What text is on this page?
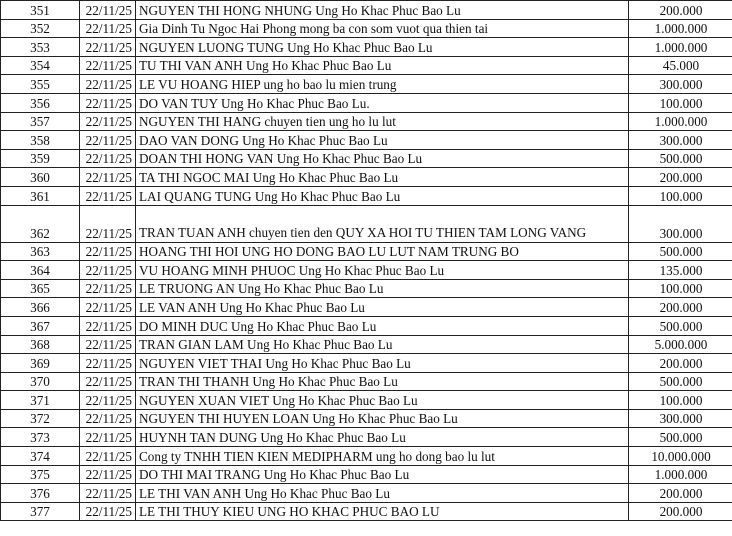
351	22/11/25	NGUYEN THI HONG NHUNG Ung Ho Khac Phuc Bao Lu	200.000
352	22/11/25	Gia Dinh Tu Ngoc Hai Phong mong ba con som vuot qua thien tai	1.000.000
353	22/11/25	NGUYEN LUONG TUNG Ung Ho Khac Phuc Bao Lu	1.000.000
354	22/11/25	TU THI VAN ANH Ung Ho Khac Phuc Bao Lu	45.000
355	22/11/25	LE VU HOANG HIEP ung ho bao lu mien trung	300.000
356	22/11/25	DO VAN TUY Ung Ho Khac Phuc Bao Lu.	100.000
357	22/11/25	NGUYEN THI HANG chuyen tien ung ho lu lut	1.000.000
358	22/11/25	DAO VAN DONG Ung Ho Khac Phuc Bao Lu	300.000
359	22/11/25	DOAN THI HONG VAN Ung Ho Khac Phuc Bao Lu	500.000
360	22/11/25	TA THI NGOC MAI Ung Ho Khac Phuc Bao Lu	200.000
361	22/11/25	LAI QUANG TUNG Ung Ho Khac Phuc Bao Lu	100.000
362	22/11/25	TRAN TUAN ANH chuyen tien den QUY XA HOI TU THIEN TAM LONG VANG	300.000
363	22/11/25	HOANG THI HOI UNG HO DONG BAO LU LUT NAM TRUNG BO	500.000
364	22/11/25	VU HOANG MINH PHUOC Ung Ho Khac Phuc Bao Lu	135.000
365	22/11/25	LE TRUONG AN Ung Ho Khac Phuc Bao Lu	100.000
366	22/11/25	LE VAN ANH Ung Ho Khac Phuc Bao Lu	200.000
367	22/11/25	DO MINH DUC Ung Ho Khac Phuc Bao Lu	500.000
368	22/11/25	TRAN GIAN LAM Ung Ho Khac Phuc Bao Lu	5.000.000
369	22/11/25	NGUYEN VIET THAI Ung Ho Khac Phuc Bao Lu	200.000
370	22/11/25	TRAN THI THANH Ung Ho Khac Phuc Bao Lu	500.000
371	22/11/25	NGUYEN XUAN VIET Ung Ho Khac Phuc Bao Lu	100.000
372	22/11/25	NGUYEN THI HUYEN LOAN Ung Ho Khac Phuc Bao Lu	300.000
373	22/11/25	HUYNH TAN DUNG Ung Ho Khac Phuc Bao Lu	500.000
374	22/11/25	Cong ty TNHH TIEN KIEN MEDIPHARM ung ho dong bao lu lut	10.000.000
375	22/11/25	DO THI MAI TRANG Ung Ho Khac Phuc Bao Lu	1.000.000
376	22/11/25	LE THI VAN ANH Ung Ho Khac Phuc Bao Lu	200.000
377	22/11/25	LE THI THUY KIEU UNG HO KHAC PHUC BAO LU	200.000
